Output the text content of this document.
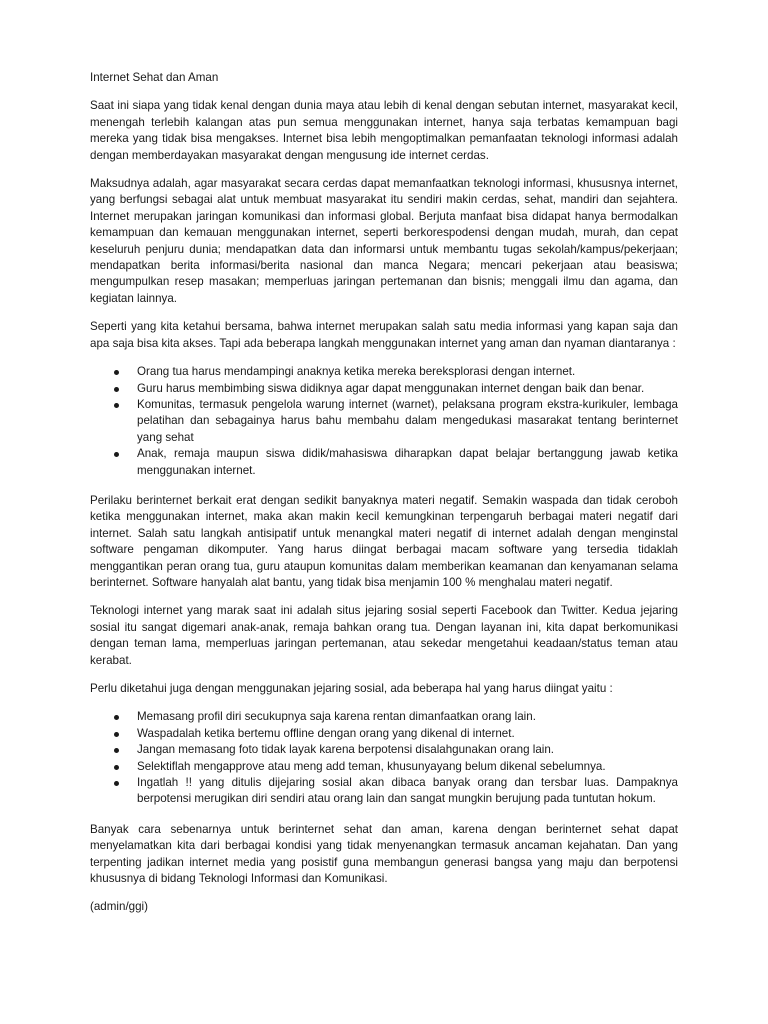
Internet Sehat dan Aman

Saat ini siapa yang tidak kenal dengan dunia maya atau lebih di kenal dengan sebutan internet, masyarakat kecil, menengah terlebih kalangan atas pun semua menggunakan internet, hanya saja terbatas kemampuan bagi mereka yang tidak bisa mengakses. Internet bisa lebih mengoptimalkan pemanfaatan teknologi informasi adalah dengan memberdayakan masyarakat dengan mengusung ide internet cerdas.

Maksudnya adalah, agar masyarakat secara cerdas dapat memanfaatkan teknologi informasi, khususnya internet, yang berfungsi sebagai alat untuk membuat masyarakat itu sendiri makin cerdas, sehat, mandiri dan sejahtera. Internet merupakan jaringan komunikasi dan informasi global. Berjuta manfaat bisa didapat hanya bermodalkan kemampuan dan kemauan menggunakan internet, seperti berkorespodensi dengan mudah, murah, dan cepat keseluruh penjuru dunia; mendapatkan data dan informarsi untuk membantu tugas sekolah/kampus/pekerjaan; mendapatkan berita informasi/berita nasional dan manca Negara; mencari pekerjaan atau beasiswa; mengumpulkan resep masakan; memperluas jaringan pertemanan dan bisnis; menggali ilmu dan agama, dan kegiatan lainnya.

Seperti yang kita ketahui bersama, bahwa internet merupakan salah satu media informasi yang kapan saja dan apa saja bisa kita akses. Tapi ada beberapa langkah menggunakan internet yang aman dan nyaman diantaranya :

Orang tua harus mendampingi anaknya ketika mereka bereksplorasi dengan internet.
Guru harus membimbing siswa didiknya agar dapat menggunakan internet dengan baik dan benar.
Komunitas, termasuk pengelola warung internet (warnet), pelaksana program ekstra-kurikuler, lembaga pelatihan dan sebagainya harus bahu membahu dalam mengedukasi masarakat tentang berinternet yang sehat
Anak, remaja maupun siswa didik/mahasiswa diharapkan dapat belajar bertanggung jawab ketika menggunakan internet.

Perilaku berinternet berkait erat dengan sedikit banyaknya materi negatif. Semakin waspada dan tidak ceroboh ketika menggunakan internet, maka akan makin kecil kemungkinan terpengaruh berbagai materi negatif dari internet. Salah satu langkah antisipatif untuk menangkal materi negatif di internet adalah dengan menginstal software pengaman dikomputer. Yang harus diingat berbagai macam software yang tersedia tidaklah menggantikan peran orang tua, guru ataupun komunitas dalam memberikan keamanan dan kenyamanan selama berinternet. Software hanyalah alat bantu, yang tidak bisa menjamin 100 % menghalau materi negatif.

Teknologi internet yang marak saat ini adalah situs jejaring sosial seperti Facebook dan Twitter. Kedua jejaring sosial itu sangat digemari anak-anak, remaja bahkan orang tua. Dengan layanan ini, kita dapat berkomunikasi dengan teman lama, memperluas jaringan pertemanan, atau sekedar mengetahui keadaan/status teman atau kerabat.

Perlu diketahui juga dengan menggunakan jejaring sosial, ada beberapa hal yang harus diingat yaitu :

Memasang profil diri secukupnya saja karena rentan dimanfaatkan orang lain.
Waspadalah ketika bertemu offline dengan orang yang dikenal di internet.
Jangan memasang foto tidak layak karena berpotensi disalahgunakan orang lain.
Selektiflah mengapprove atau meng add teman, khusunyayang belum dikenal sebelumnya.
Ingatlah !! yang ditulis dijejaring sosial akan dibaca banyak orang dan tersbar luas. Dampaknya berpotensi merugikan diri sendiri atau orang lain dan sangat mungkin berujung pada tuntutan hokum.

Banyak cara sebenarnya untuk berinternet sehat dan aman, karena dengan berinternet sehat dapat menyelamatkan kita dari berbagai kondisi yang tidak menyenangkan termasuk ancaman kejahatan. Dan yang terpenting jadikan internet media yang posistif guna membangun generasi bangsa yang maju dan berpotensi khususnya di bidang Teknologi Informasi dan Komunikasi.

(admin/ggi)
